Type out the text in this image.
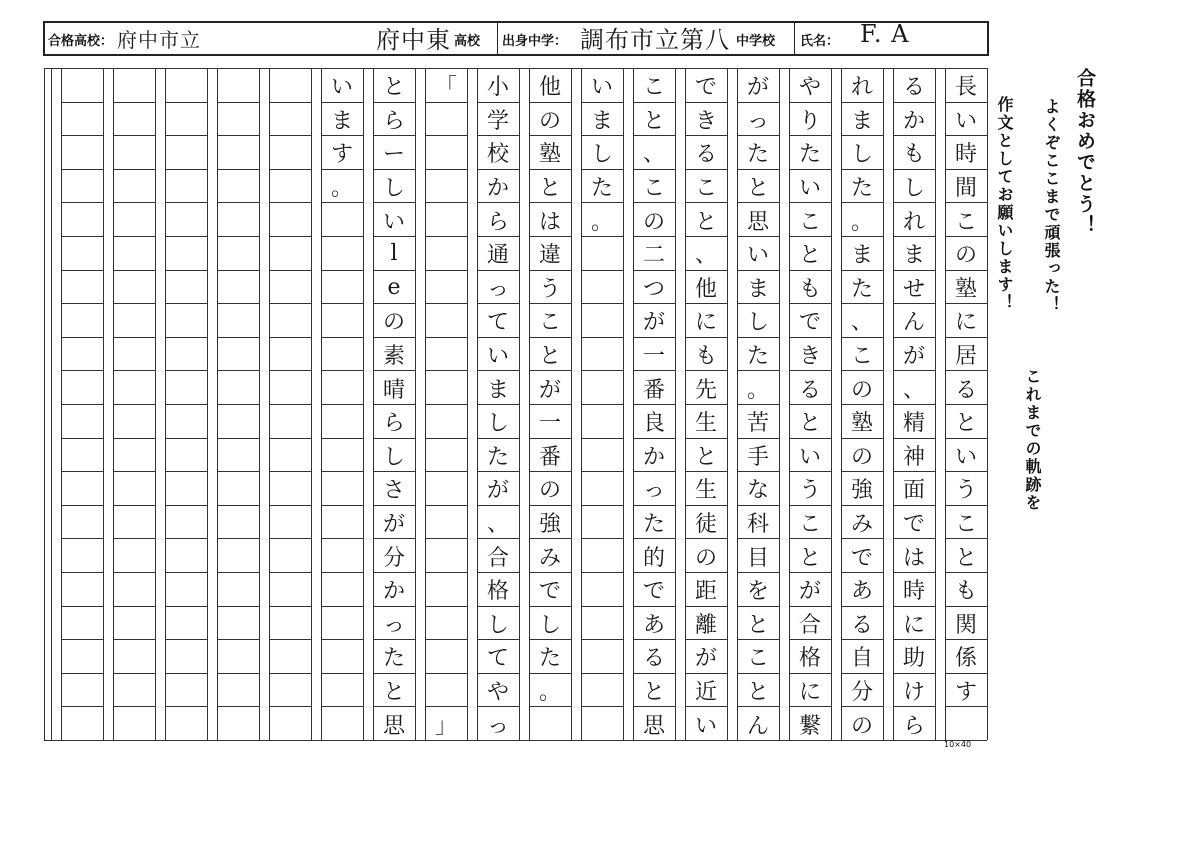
合格高校： 府中市立	府中東 高校 出身中学： 調布市立第八 中学校 氏名： F. A
長
い
時
間
こ
の
塾
に
居
る
と
い
う
こ
と
も
関
係
す
る
か
も
し
れ
ま
せ
ん
が
、
精
神
面
で
は
時
に
助
け
ら
れ
ま
し
た
。
ま
た
、
こ
の
塾
の
強
み
で
あ
る
自
分
の
や
り
た
い
こ
と
も
で
き
る
と
い
う
こ
と
が
合
格
に
繋
が
っ
た
と
思
い
ま
し
た
。
苦
手
な
科
目
を
と
こ
と
ん
で
き
る
こ
と
、
他
に
も
先
生
と
生
徒
の
距
離
が
近
い
こ
と
、
こ
の
二
つ
が
一
番
良
か
っ
た
的
で
あ
る
と
思
い
ま
し
た
。
他
の
塾
と
は
違
う
こ
と
が
一
番
の
強
み
で
し
た
。
小
学
校
か
ら
通
っ
て
い
ま
し
た
が
、
合
格
し
て
や
っ
「

」
と
ら
ー
し
い
l
e
の
素
晴
ら
し
さ
が
分
か
っ
た
と
思
い
ま
す
。	合格おめでとう！
よくぞここまで頑張った！
これまでの軌跡を
作文としてお願いします！
10×40
